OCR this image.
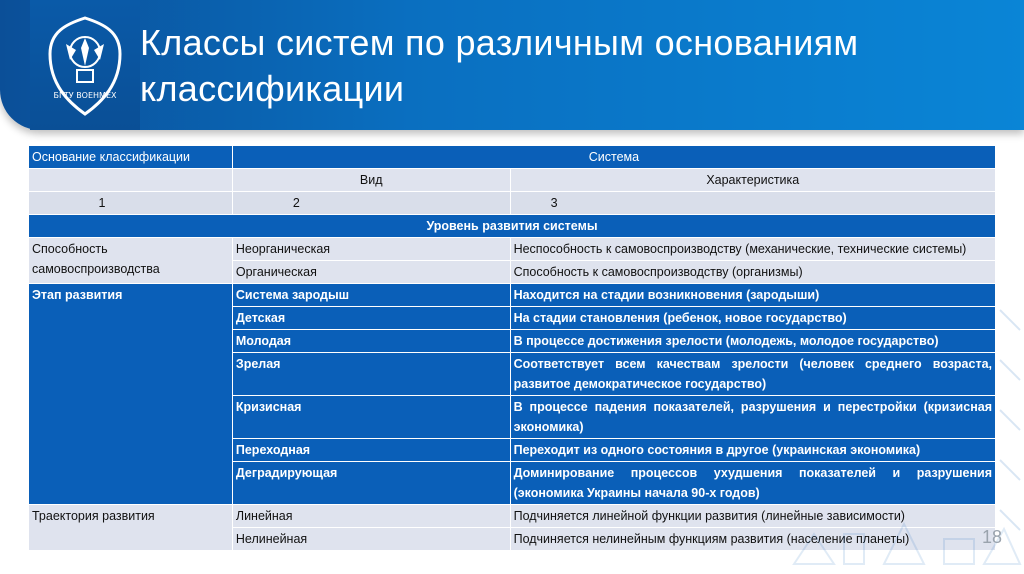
БГТУ ВОЕНМЕХ
Классы систем по различным основаниям классификации
Основание классификации	Система	
	Вид	Характеристика
1	2	3
Уровень развития системы		
Способность самовоспроизводства	Неорганическая	Неспособность к самовоспроизводству (механические, технические системы)
	Органическая	Способность к самовоспроизводству (организмы)
Этап развития	Система зародыш	Находится на стадии возникновения (зародыши)
	Детская	На стадии становления (ребенок, новое государство)
	Молодая	В процессе достижения зрелости (молодежь, молодое государство)
	Зрелая	Соответствует всем качествам зрелости (человек среднего возраста, развитое демократическое государство)
	Кризисная	В процессе падения показателей, разрушения и перестройки (кризисная экономика)
	Переходная	Переходит из одного состояния в другое (украинская экономика)
	Деградирующая	Доминирование процессов ухудшения показателей и разрушения (экономика Украины начала 90-х годов)
Траектория развития	Линейная	Подчиняется линейной функции развития (линейные зависимости)
	Нелинейная	Подчиняется нелинейным функциям развития (население планеты)	18
